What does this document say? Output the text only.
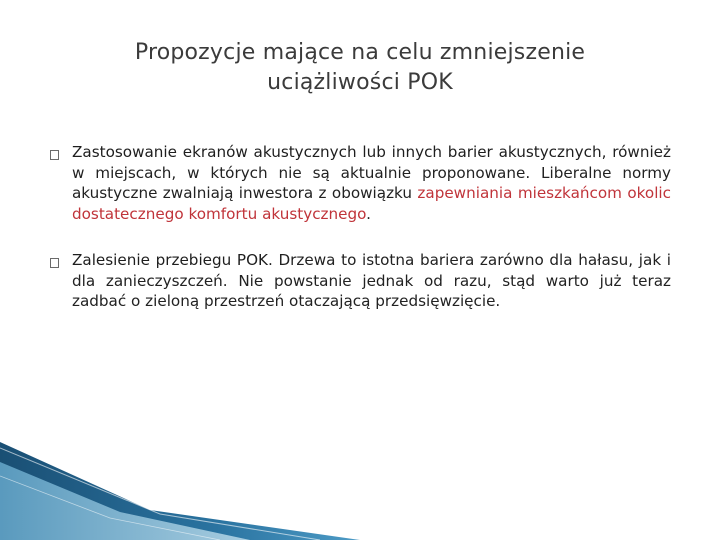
Propozycje mające na celu zmniejszenie
uciążliwości POK
Zastosowanie ekranów akustycznych lub innych barier akustycznych, również w miejscach, w których nie są aktualnie proponowane. Liberalne normy akustyczne zwalniają inwestora z obowiązku zapewniania mieszkańcom okolic dostatecznego komfortu akustycznego.
Zalesienie przebiegu POK. Drzewa to istotna bariera zarówno dla hałasu, jak i dla zanieczyszczeń. Nie powstanie jednak od razu, stąd warto już teraz zadbać o zieloną przestrzeń otaczającą przedsięwzięcie.
